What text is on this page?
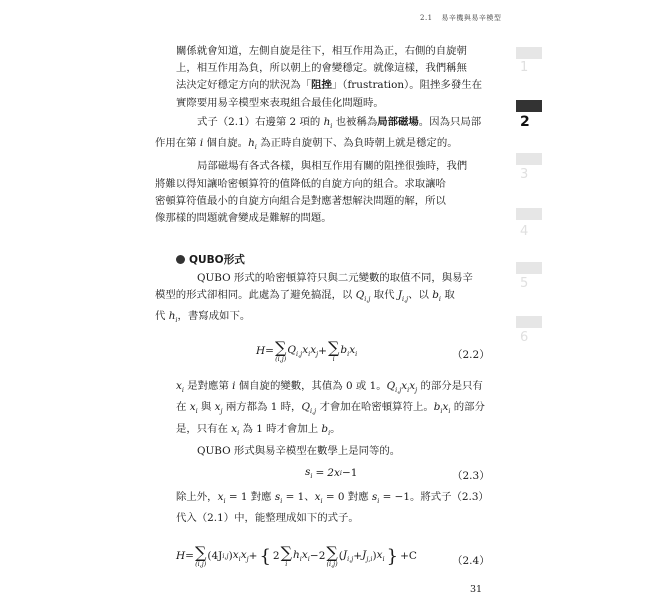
2.1 易辛機與易辛模型
1
2
3
4
5
6

關係就會知道，左側自旋是往下，相互作用為正，右側的自旋朝
上，相互作用為負，所以朝上的會變穩定。就像這樣，我們稱無
法決定好穩定方向的狀況為「阻挫」（frustration）。阻挫多發生在
實際要用易辛模型來表現組合最佳化問題時。

式子（2.1）右邊第 2 項的 $h_i$ 也被稱為局部磁場。因為只局部
作用在第 i 個自旋。$h_i$ 為正時自旋朝下、為負時朝上就是穩定的。

局部磁場有各式各樣，與相互作用有關的阻挫很強時，我們
將難以得知讓哈密頓算符的值降低的自旋方向的組合。求取讓哈
密頓算符值最小的自旋方向組合是對應著想解決問題的解，所以
像那樣的問題就會變成是難解的問題。

QUBO形式

QUBO 形式的哈密頓算符只與二元變數的取值不同，與易辛
模型的形式卻相同。此處為了避免搞混，以 $Q_{i,j}$ 取代 $J_{i,j}$、以 $b_i$ 取
代 $h_i$，書寫成如下。

H = ∑
(i,j)
$Q_{i,j}x_ix_j$ + ∑
i
$b_ix_i$	（2.2）

$x_i$ 是對應第 i 個自旋的變數，其值為 0 或 1。$Q_{i,j}x_ix_j$ 的部分是只有
在 $x_i$ 與 $x_j$ 兩方都為 1 時，$Q_{i,j}$ 才會加在哈密頓算符上。$b_ix_i$ 的部分
是，只有在 $x_i$ 為 1 時才會加上 $b_i$。

QUBO 形式與易辛模型在數學上是同等的。

$s_i = 2x$ i −1	（2.3）

除上外，$x_i = 1$ 對應 $s_i = 1$、$x_i = 0$ 對應 $s_i = -1$。將式子（2.3）
代入（2.1）中，能整理成如下的式子。

H = ∑
(i,j)
(4J i,j ) $x_ix_j$ + { 2 ∑
i
$h_ix_i -2$ ∑
(i,j)
( $J_{i,j} + J_{j,i}$ ) $x_i$ } +C	（2.4）
31
